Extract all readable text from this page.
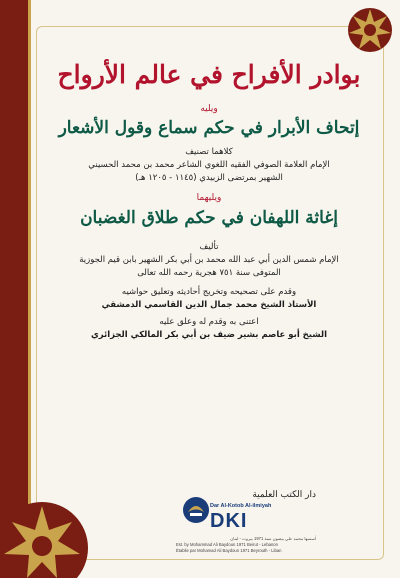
بوادر الأفراح في عالم الأرواح
ويليه
إتحاف الأبرار في حكم سماع وقول الأشعار
كلاهما تصنيف
الإمام العلامة الصوفي الفقيه اللغوي الشاعر محمد بن محمد الحسيني
الشهير بمرتضى الزبيدي (١١٤٥ - ١٢٠٥ هـ)
ويليهما
إغاثة اللهفان في حكم طلاق الغضبان
تأليف
الإمام شمس الدين أبي عبد الله محمد بن أبي بكر الشهير بابن قيم الجوزية
المتوفى سنة ٧٥١ هجرية رحمه الله تعالى
وقدم على تصحيحه وتخريج أحاديثه وتعليق حواشيه
الأستاذ الشيخ محمد جمال الدين القاسمي الدمشقي
اعتنى به وقدم له وعلق عليه
الشيخ أبو عاصم بشير ضيف بن أبي بكر المالكي الجزائري
دار الكتب العلمية
Dar Al-Kotob Al-ilmiyah
DKI
أسسها محمد علي بيضون سنة 1971 بيروت - لبنان
Est. by Mohammad Ali Baydoun 1971 Beirut - Lebanon
Établie par Mohamad Ali Baydoun 1971 Beyrouth - Liban
